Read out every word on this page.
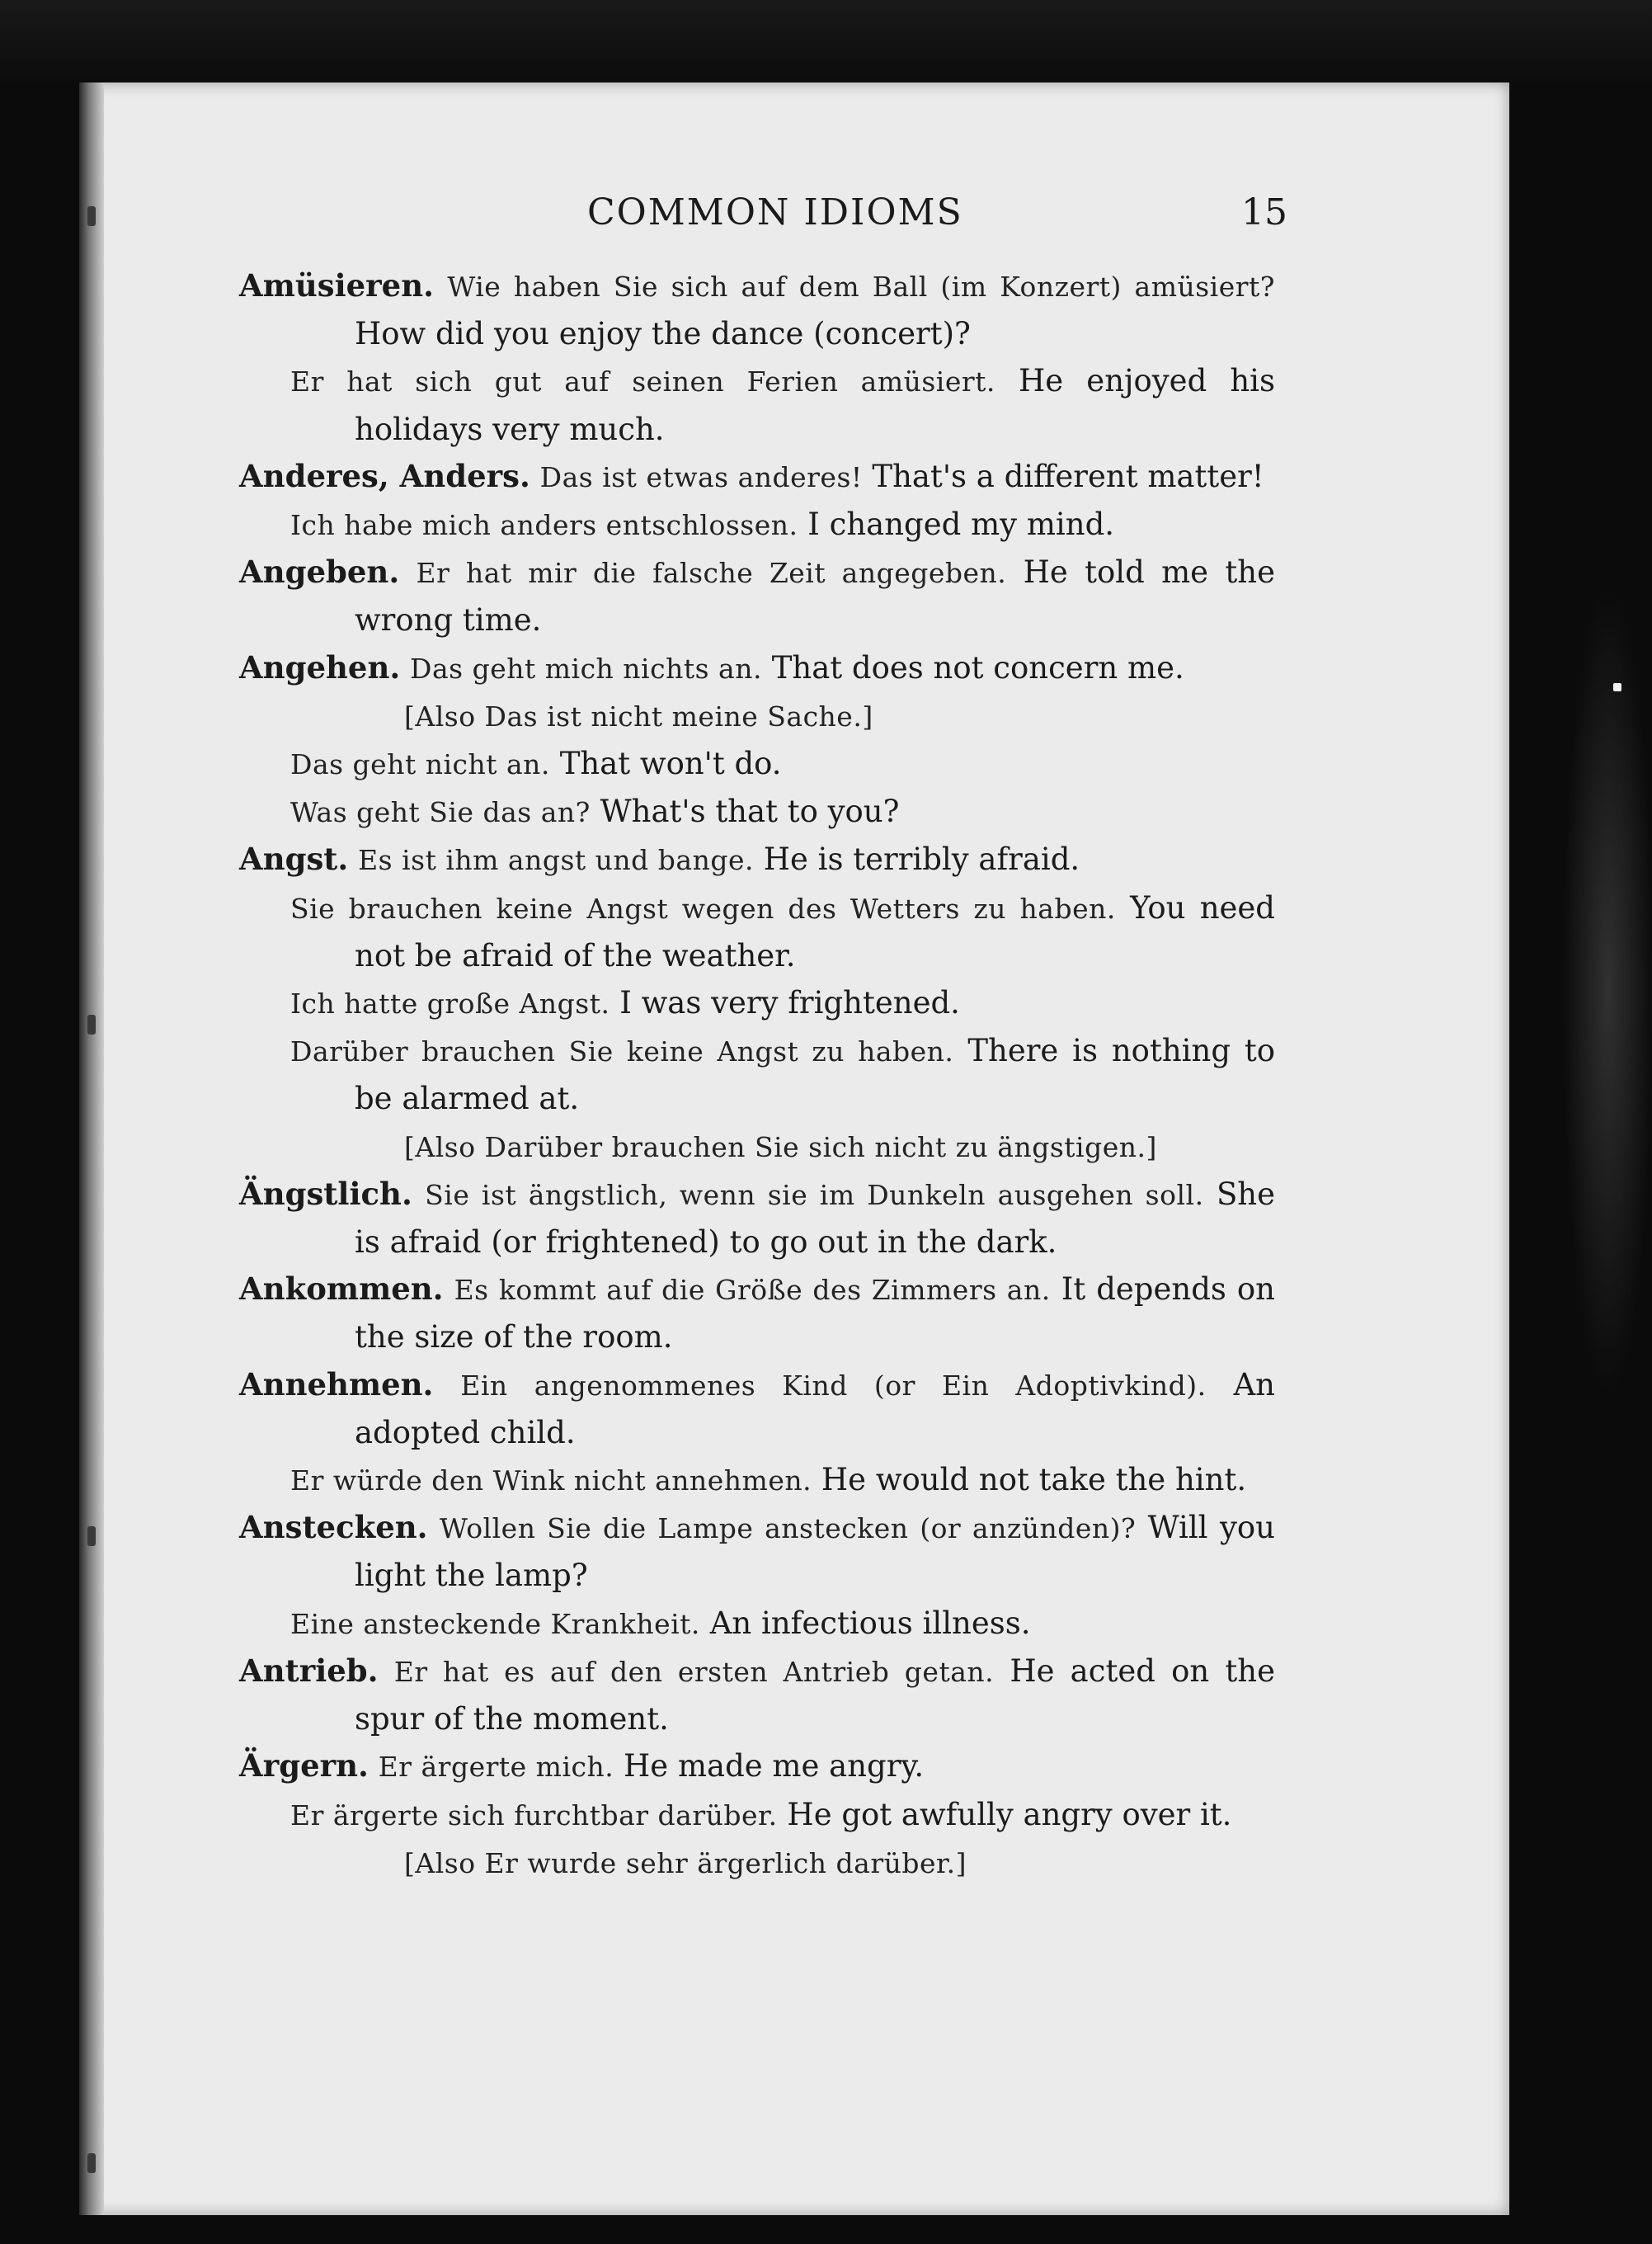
COMMON IDIOMS	15

Amüsieren. Wie haben Sie sich auf dem Ball (im Konzert) amüsiert? How did you enjoy the dance (concert)?

Er hat sich gut auf seinen Ferien amüsiert. He enjoyed his holidays very much.

Anderes, Anders. Das ist etwas anderes! That's a different matter!

Ich habe mich anders entschlossen. I changed my mind.

Angeben. Er hat mir die falsche Zeit angegeben. He told me the wrong time.

Angehen. Das geht mich nichts an. That does not concern me.

[Also Das ist nicht meine Sache.]

Das geht nicht an. That won't do.

Was geht Sie das an? What's that to you?

Angst. Es ist ihm angst und bange. He is terribly afraid.

Sie brauchen keine Angst wegen des Wetters zu haben. You need not be afraid of the weather.

Ich hatte große Angst. I was very frightened.

Darüber brauchen Sie keine Angst zu haben. There is nothing to be alarmed at.

[Also Darüber brauchen Sie sich nicht zu ängstigen.]

Ängstlich. Sie ist ängstlich, wenn sie im Dunkeln ausgehen soll. She is afraid (or frightened) to go out in the dark.

Ankommen. Es kommt auf die Größe des Zimmers an. It depends on the size of the room.

Annehmen. Ein angenommenes Kind (or Ein Adoptivkind). An adopted child.

Er würde den Wink nicht annehmen. He would not take the hint.

Anstecken. Wollen Sie die Lampe anstecken (or anzünden)? Will you light the lamp?

Eine ansteckende Krankheit. An infectious illness.

Antrieb. Er hat es auf den ersten Antrieb getan. He acted on the spur of the moment.

Ärgern. Er ärgerte mich. He made me angry.

Er ärgerte sich furchtbar darüber. He got awfully angry over it.

[Also Er wurde sehr ärgerlich darüber.]
